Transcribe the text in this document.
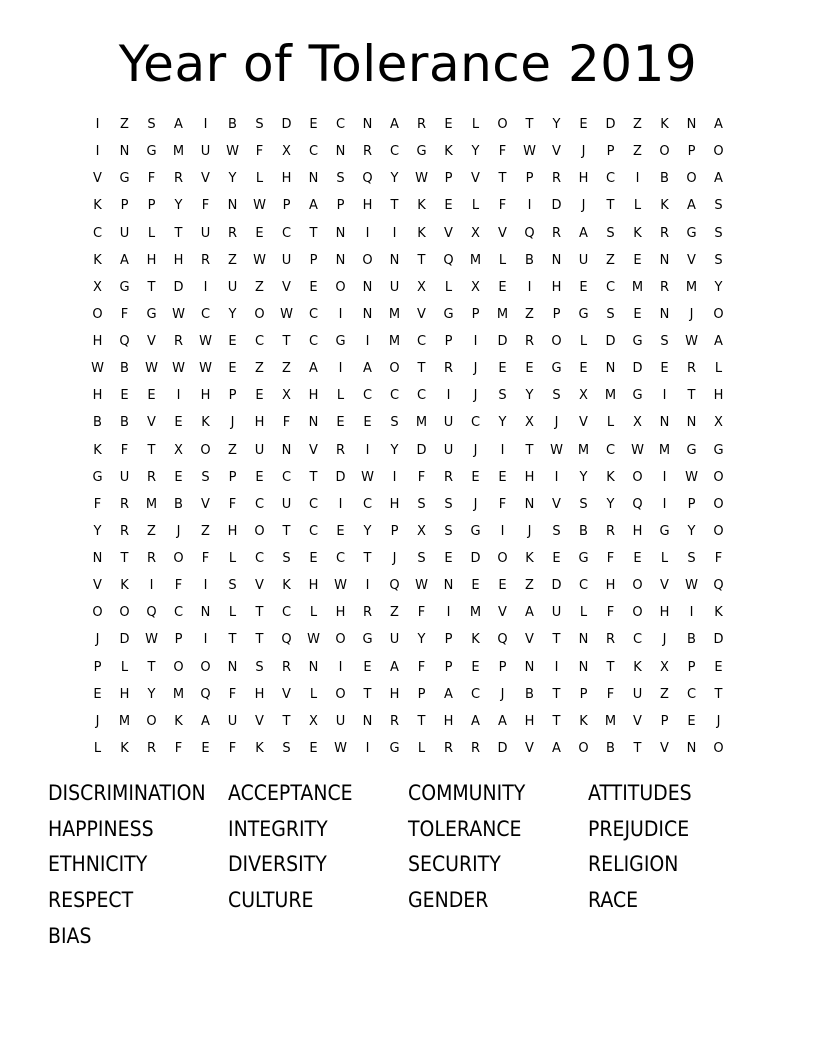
Year of Tolerance 2019
I	Z	S	A	I	B	S	D	E	C	N	A	R	E	L	O	T	Y	E	D	Z	K	N	A
I	N	G	M	U	W	F	X	C	N	R	C	G	K	Y	F	W	V	J	P	Z	O	P	O
V	G	F	R	V	Y	L	H	N	S	Q	Y	W	P	V	T	P	R	H	C	I	B	O	A
K	P	P	Y	F	N	W	P	A	P	H	T	K	E	L	F	I	D	J	T	L	K	A	S
C	U	L	T	U	R	E	C	T	N	I	I	K	V	X	V	Q	R	A	S	K	R	G	S
K	A	H	H	R	Z	W	U	P	N	O	N	T	Q	M	L	B	N	U	Z	E	N	V	S
X	G	T	D	I	U	Z	V	E	O	N	U	X	L	X	E	I	H	E	C	M	R	M	Y
O	F	G	W	C	Y	O	W	C	I	N	M	V	G	P	M	Z	P	G	S	E	N	J	O
H	Q	V	R	W	E	C	T	C	G	I	M	C	P	I	D	R	O	L	D	G	S	W	A
W	B	W	W	W	E	Z	Z	A	I	A	O	T	R	J	E	E	G	E	N	D	E	R	L
H	E	E	I	H	P	E	X	H	L	C	C	C	I	J	S	Y	S	X	M	G	I	T	H
B	B	V	E	K	J	H	F	N	E	E	S	M	U	C	Y	X	J	V	L	X	N	N	X
K	F	T	X	O	Z	U	N	V	R	I	Y	D	U	J	I	T	W	M	C	W	M	G	G
G	U	R	E	S	P	E	C	T	D	W	I	F	R	E	E	H	I	Y	K	O	I	W	O
F	R	M	B	V	F	C	U	C	I	C	H	S	S	J	F	N	V	S	Y	Q	I	P	O
Y	R	Z	J	Z	H	O	T	C	E	Y	P	X	S	G	I	J	S	B	R	H	G	Y	O
N	T	R	O	F	L	C	S	E	C	T	J	S	E	D	O	K	E	G	F	E	L	S	F
V	K	I	F	I	S	V	K	H	W	I	Q	W	N	E	E	Z	D	C	H	O	V	W	Q
O	O	Q	C	N	L	T	C	L	H	R	Z	F	I	M	V	A	U	L	F	O	H	I	K
J	D	W	P	I	T	T	Q	W	O	G	U	Y	P	K	Q	V	T	N	R	C	J	B	D
P	L	T	O	O	N	S	R	N	I	E	A	F	P	E	P	N	I	N	T	K	X	P	E
E	H	Y	M	Q	F	H	V	L	O	T	H	P	A	C	J	B	T	P	F	U	Z	C	T
J	M	O	K	A	U	V	T	X	U	N	R	T	H	A	A	H	T	K	M	V	P	E	J
L	K	R	F	E	F	K	S	E	W	I	G	L	R	R	D	V	A	O	B	T	V	N	O
DISCRIMINATION ACCEPTANCE	COMMUNITY	ATTITUDES
HAPPINESS	INTEGRITY	TOLERANCE	PREJUDICE
ETHNICITY	DIVERSITY	SECURITY	RELIGION
RESPECT	CULTURE	GENDER	RACE
BIAS
